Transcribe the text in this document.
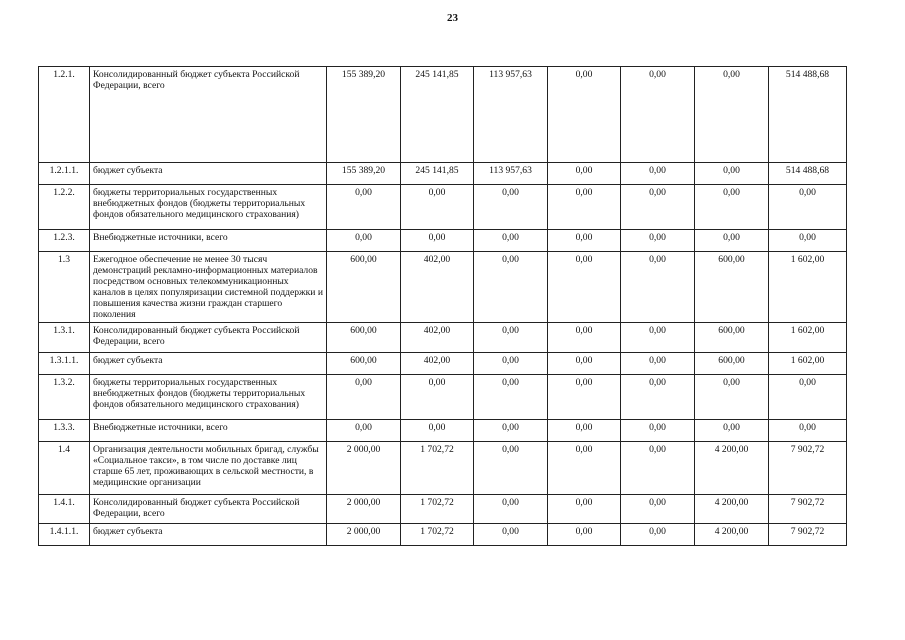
23
1.2.1.	Консолидированный бюджет субъекта Российской Федерации, всего	155 389,20	245 141,85	113 957,63	0,00	0,00	0,00	514 488,68
1.2.1.1.	бюджет субъекта	155 389,20	245 141,85	113 957,63	0,00	0,00	0,00	514 488,68
1.2.2.	бюджеты территориальных государственных внебюджетных фондов (бюджеты территориальных фондов обязательного медицинского страхования)	0,00	0,00	0,00	0,00	0,00	0,00	0,00
1.2.3.	Внебюджетные источники, всего	0,00	0,00	0,00	0,00	0,00	0,00	0,00
1.3	Ежегодное обеспечение не менее 30 тысяч демонстраций рекламно-информационных материалов посредством основных телекоммуникационных каналов в целях популяризации системной поддержки и повышения качества жизни граждан старшего поколения	600,00	402,00	0,00	0,00	0,00	600,00	1 602,00
1.3.1.	Консолидированный бюджет субъекта Российской Федерации, всего	600,00	402,00	0,00	0,00	0,00	600,00	1 602,00
1.3.1.1.	бюджет субъекта	600,00	402,00	0,00	0,00	0,00	600,00	1 602,00
1.3.2.	бюджеты территориальных государственных внебюджетных фондов (бюджеты территориальных фондов обязательного медицинского страхования)	0,00	0,00	0,00	0,00	0,00	0,00	0,00
1.3.3.	Внебюджетные источники, всего	0,00	0,00	0,00	0,00	0,00	0,00	0,00
1.4	Организация деятельности мобильных бригад, службы «Социальное такси», в том числе по доставке лиц старше 65 лет, проживающих в сельской местности, в медицинские организации	2 000,00	1 702,72	0,00	0,00	0,00	4 200,00	7 902,72
1.4.1.	Консолидированный бюджет субъекта Российской Федерации, всего	2 000,00	1 702,72	0,00	0,00	0,00	4 200,00	7 902,72
1.4.1.1.	бюджет субъекта	2 000,00	1 702,72	0,00	0,00	0,00	4 200,00	7 902,72
